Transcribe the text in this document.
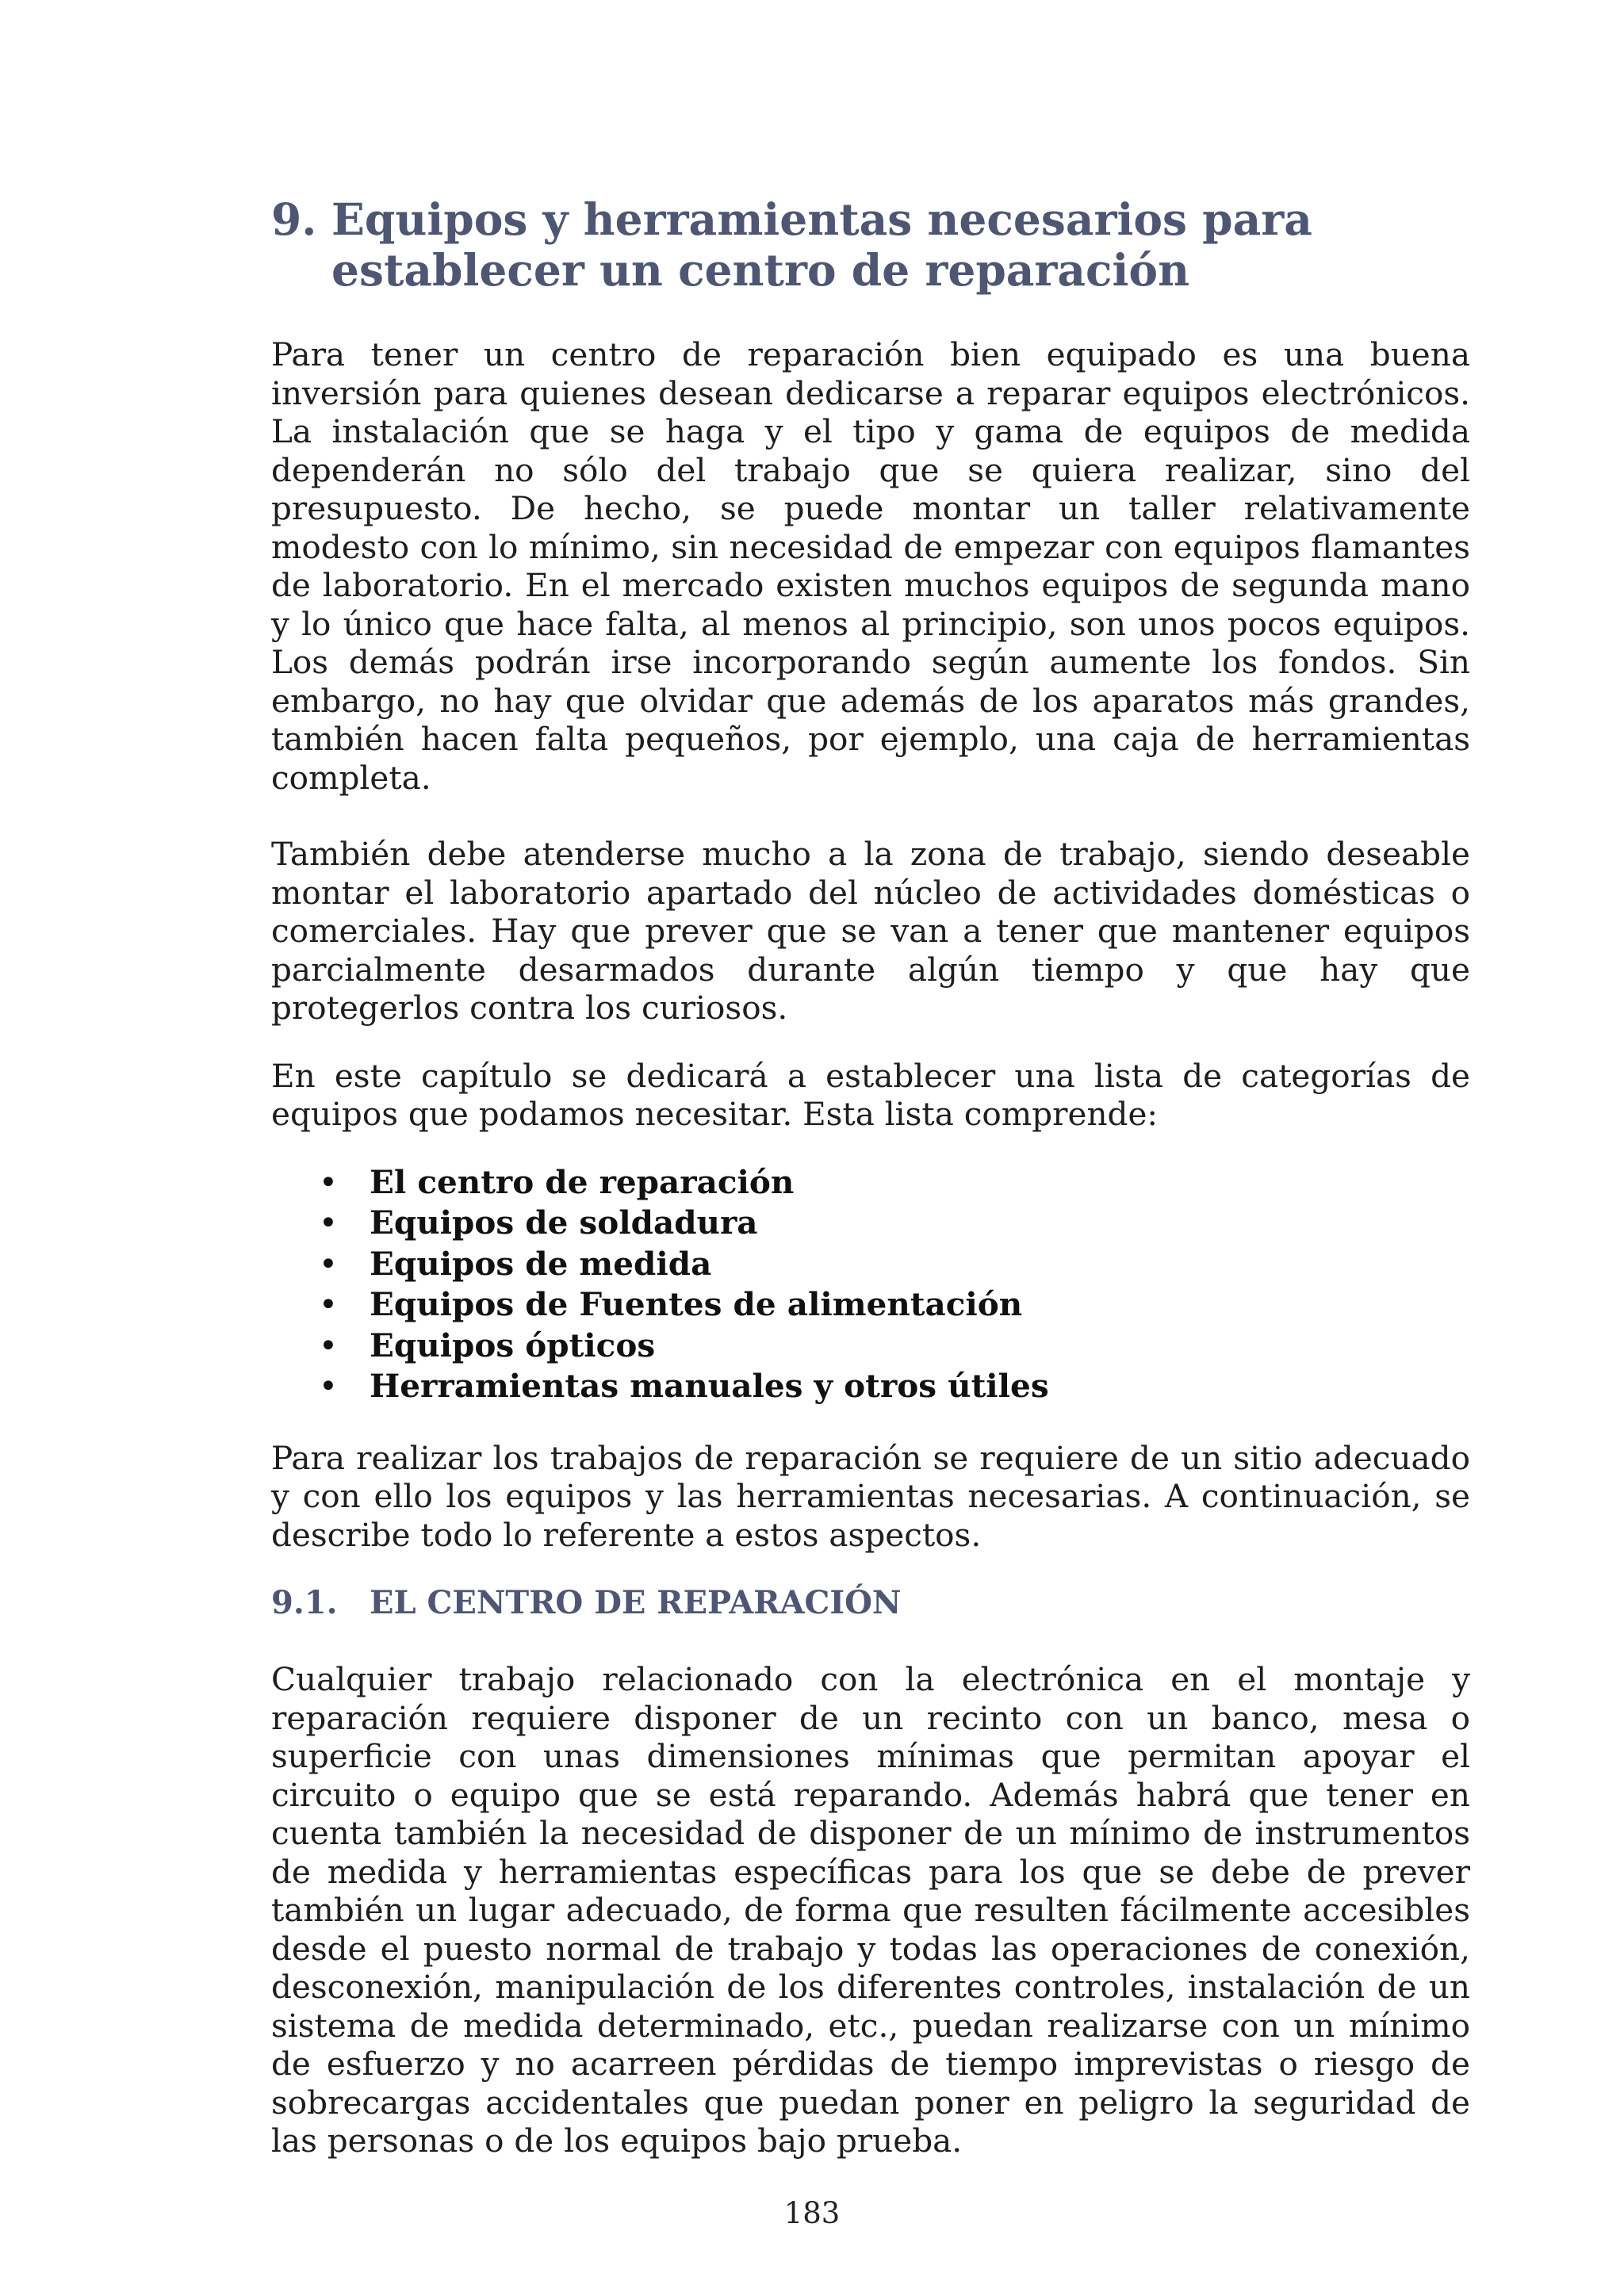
9. Equipos y herramientas necesarios para
establecer un centro de reparación

Para tener un centro de reparación bien equipado es una buena inversión para quienes desean dedicarse a reparar equipos electrónicos. La instalación que se haga y el tipo y gama de equipos de medida dependerán no sólo del trabajo que se quiera realizar, sino del presupuesto. De hecho, se puede montar un taller relativamente modesto con lo mínimo, sin necesidad de empezar con equipos flamantes de laboratorio. En el mercado existen muchos equipos de segunda mano y lo único que hace falta, al menos al principio, son unos pocos equipos. Los demás podrán irse incorporando según aumente los fondos. Sin embargo, no hay que olvidar que además de los aparatos más grandes, también hacen falta pequeños, por ejemplo, una caja de herramientas completa.

También debe atenderse mucho a la zona de trabajo, siendo deseable montar el laboratorio apartado del núcleo de actividades domésticas o comerciales. Hay que prever que se van a tener que mantener equipos parcialmente desarmados durante algún tiempo y que hay que protegerlos contra los curiosos.

En este capítulo se dedicará a establecer una lista de categorías de equipos que podamos necesitar. Esta lista comprende:

• El centro de reparación
• Equipos de soldadura
• Equipos de medida
• Equipos de Fuentes de alimentación
• Equipos ópticos
• Herramientas manuales y otros útiles

Para realizar los trabajos de reparación se requiere de un sitio adecuado y con ello los equipos y las herramientas necesarias. A continuación, se describe todo lo referente a estos aspectos.

9.1.	EL CENTRO DE REPARACIÓN

Cualquier trabajo relacionado con la electrónica en el montaje y reparación requiere disponer de un recinto con un banco, mesa o superficie con unas dimensiones mínimas que permitan apoyar el circuito o equipo que se está reparando. Además habrá que tener en cuenta también la necesidad de disponer de un mínimo de instrumentos de medida y herramientas específicas para los que se debe de prever también un lugar adecuado, de forma que resulten fácilmente accesibles desde el puesto normal de trabajo y todas las operaciones de conexión, desconexión, manipulación de los diferentes controles, instalación de un sistema de medida determinado, etc., puedan realizarse con un mínimo de esfuerzo y no acarreen pérdidas de tiempo imprevistas o riesgo de sobrecargas accidentales que puedan poner en peligro la seguridad de las personas o de los equipos bajo prueba.

183
